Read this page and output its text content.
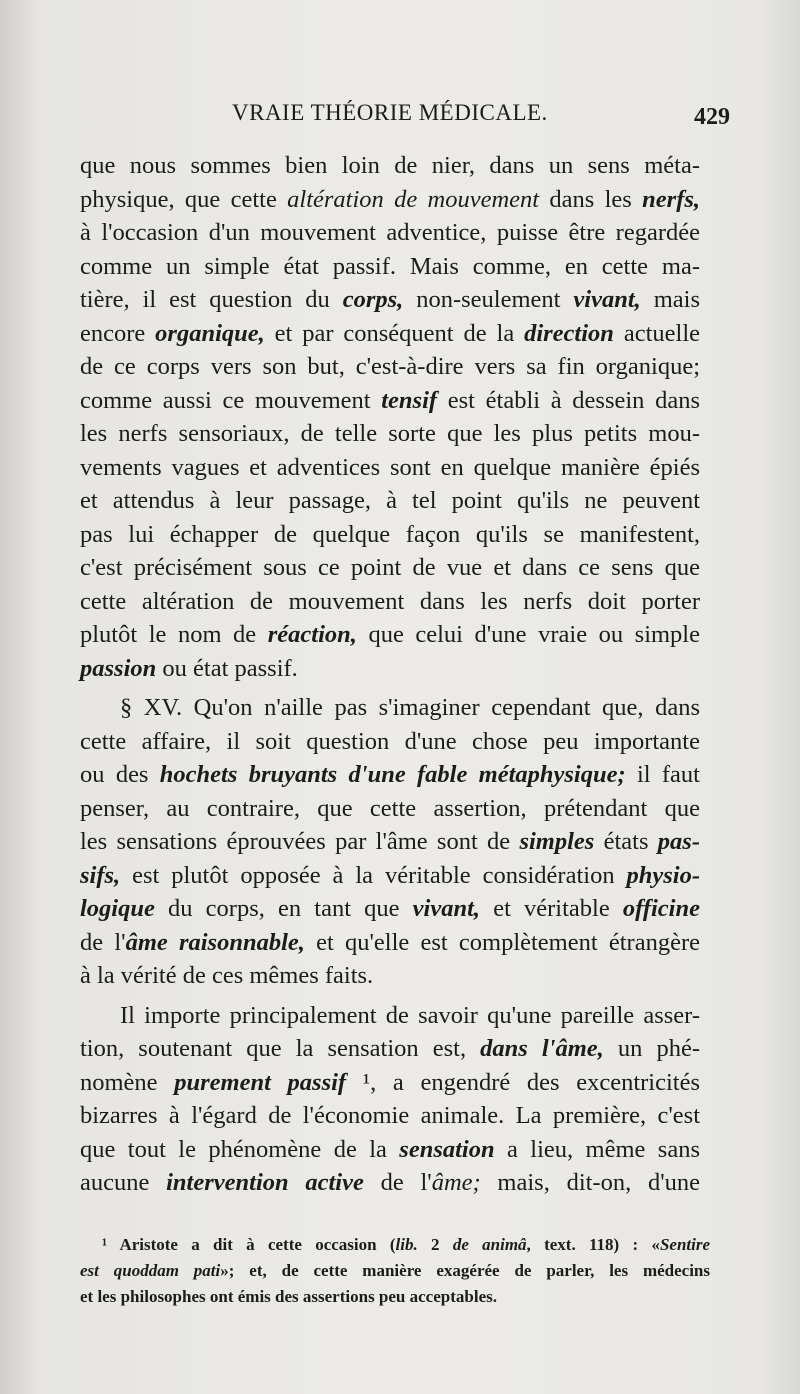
VRAIE THÉORIE MÉDICALE.	429
que nous sommes bien loin de nier, dans un sens méta-
physique, que cette altération de mouvement dans les nerfs,
à l'occasion d'un mouvement adventice, puisse être regardée
comme un simple état passif. Mais comme, en cette ma-
tière, il est question du corps, non-seulement vivant, mais
encore organique, et par conséquent de la direction actuelle
de ce corps vers son but, c'est-à-dire vers sa fin organique;
comme aussi ce mouvement tensif est établi à dessein dans
les nerfs sensoriaux, de telle sorte que les plus petits mou-
vements vagues et adventices sont en quelque manière épiés
et attendus à leur passage, à tel point qu'ils ne peuvent
pas lui échapper de quelque façon qu'ils se manifestent,
c'est précisément sous ce point de vue et dans ce sens que
cette altération de mouvement dans les nerfs doit porter
plutôt le nom de réaction, que celui d'une vraie ou simple
passion ou état passif.
§ XV. Qu'on n'aille pas s'imaginer cependant que, dans
cette affaire, il soit question d'une chose peu importante
ou des hochets bruyants d'une fable métaphysique; il faut
penser, au contraire, que cette assertion, prétendant que
les sensations éprouvées par l'âme sont de simples états pas-
sifs, est plutôt opposée à la véritable considération physio-
logique du corps, en tant que vivant, et véritable officine
de l'âme raisonnable, et qu'elle est complètement étrangère
à la vérité de ces mêmes faits.
Il importe principalement de savoir qu'une pareille asser-
tion, soutenant que la sensation est, dans l'âme, un phé-
nomène purement passif ¹, a engendré des excentricités
bizarres à l'égard de l'économie animale. La première, c'est
que tout le phénomène de la sensation a lieu, même sans
aucune intervention active de l'âme; mais, dit-on, d'une
¹ Aristote a dit à cette occasion (lib. 2 de animâ, text. 118) : «Sentire
est quoddam pati»; et, de cette manière exagérée de parler, les médecins
et les philosophes ont émis des assertions peu acceptables.
